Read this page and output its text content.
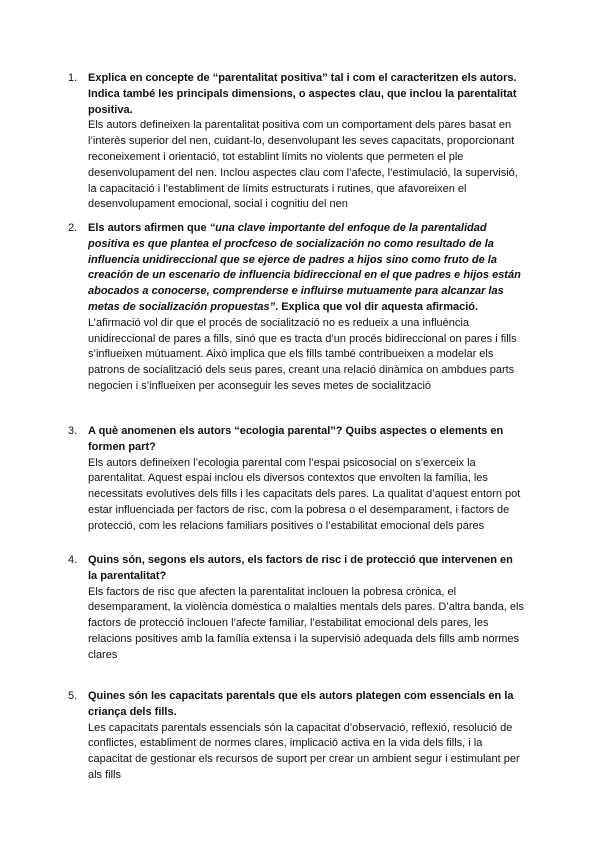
1. Explica en concepte de “parentalitat positiva” tal i com el caracteritzen els autors. Indica també les principals dimensions, o aspectes clau, que inclou la parentalitat positiva.
Els autors defineixen la parentalitat positiva com un comportament dels pares basat en l’interès superior del nen, cuidant-lo, desenvolupant les seves capacitats, proporcionant reconeixement i orientació, tot establint límits no violents que permeten el ple desenvolupament del nen. Inclou aspectes clau com l’afecte, l’estimulació, la supervisió, la capacitació i l’establiment de límits estructurats i rutines, que afavoreixen el desenvolupament emocional, social i cognitiu del nen
2. Els autors afirmen que “una clave importante del enfoque de la parentalidad positiva es que plantea el procfceso de socialización no como resultado de la influencia unidireccional que se ejerce de padres a hijos sino como fruto de la creación de un escenario de influencia bidireccional en el que padres e hijos están abocados a conocerse, comprenderse e influirse mutuamente para alcanzar las metas de socialización propuestas”. Explica que vol dir aquesta afirmació.
L’afirmació vol dir que el procés de socialització no es redueix a una influència unidireccional de pares a fills, sinó que es tracta d’un procés bidireccional on pares i fills s’influeixen mútuament. Això implica que els fills també contribueixen a modelar els patrons de socialització dels seus pares, creant una relació dinàmica on ambdues parts negocien i s’influeixen per aconseguir les seves metes de socialització
3. A què anomenen els autors “ecologia parental”? Quibs aspectes o elements en formen part?
Els autors defineixen l’ecologia parental com l’espai psicosocial on s’exerceix la parentalitat. Aquest espai inclou els diversos contextos que envolten la família, les necessitats evolutives dels fills i les capacitats dels pares. La qualitat d’aquest entorn pot estar influenciada per factors de risc, com la pobresa o el desemparament, i factors de protecció, com les relacions familiars positives o l’estabilitat emocional dels pares
4. Quins són, segons els autors, els factors de risc i de protecció que intervenen en la parentalitat?
Els factors de risc que afecten la parentalitat inclouen la pobresa crònica, el desemparament, la violència domèstica o malalties mentals dels pares. D’altra banda, els factors de protecció inclouen l’afecte familiar, l’estabilitat emocional dels pares, les relacions positives amb la família extensa i la supervisió adequada dels fills amb normes clares
5. Quines són les capacitats parentals que els autors plategen com essencials en la criança dels fills.
Les capacitats parentals essencials són la capacitat d’observació, reflexió, resolució de conflictes, establiment de normes clares, implicació activa en la vida dels fills, i la capacitat de gestionar els recursos de suport per crear un ambient segur i estimulant per als fills
